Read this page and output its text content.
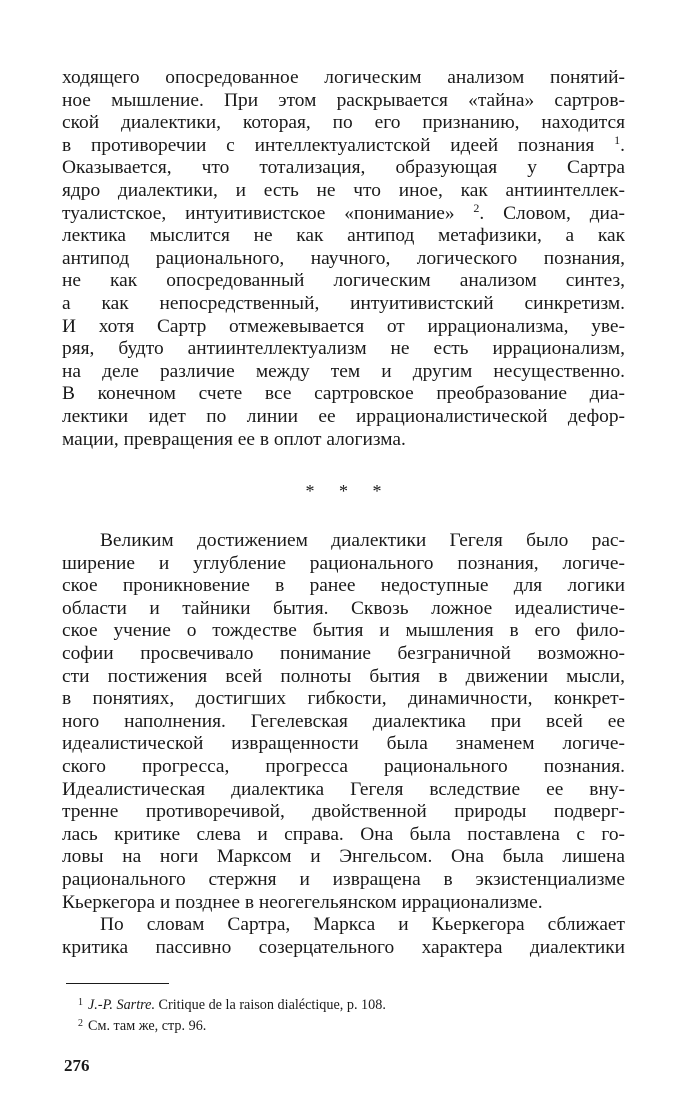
ходящего опосредованное логическим анализом понятий-
ное мышление. При этом раскрывается «тайна» сартров-
ской диалектики, которая, по его признанию, находится
в противоречии с интеллектуалистской идеей познания $^1$.
Оказывается, что тотализация, образующая у Сартра
ядро диалектики, и есть не что иное, как антиинтеллек-
туалистское, интуитивистское «понимание» $^2$. Словом, диа-
лектика мыслится не как антипод метафизики, а как
антипод рационального, научного, логического познания,
не как опосредованный логическим анализом синтез,
а как непосредственный, интуитивистский синкретизм.
И хотя Сартр отмежевывается от иррационализма, уве-
ряя, будто антиинтеллектуализм не есть иррационализм,
на деле различие между тем и другим несущественно.
В конечном счете все сартровское преобразование диа-
лектики идет по линии ее иррационалистической дефор-
мации, превращения ее в оплот алогизма.
* * *
Великим достижением диалектики Гегеля было рас-
ширение и углубление рационального познания, логиче-
ское проникновение в ранее недоступные для логики
области и тайники бытия. Сквозь ложное идеалистиче-
ское учение о тождестве бытия и мышления в его фило-
софии просвечивало понимание безграничной возможно-
сти постижения всей полноты бытия в движении мысли,
в понятиях, достигших гибкости, динамичности, конкрет-
ного наполнения. Гегелевская диалектика при всей ее
идеалистической извращенности была знаменем логиче-
ского прогресса, прогресса рационального познания.
Идеалистическая диалектика Гегеля вследствие ее вну-
тренне противоречивой, двойственной природы подверг-
лась критике слева и справа. Она была поставлена с го-
ловы на ноги Марксом и Энгельсом. Она была лишена
рационального стержня и извращена в экзистенциализме
Кьеркегора и позднее в неогегельянском иррационализме.
По словам Сартра, Маркса и Кьеркегора сближает
критика пассивно созерцательного характера диалектики
$^1$ J.-P. Sartre. Critique de la raison dialéctique, p. 108.
$^2$ См. там же, стр. 96.
276
